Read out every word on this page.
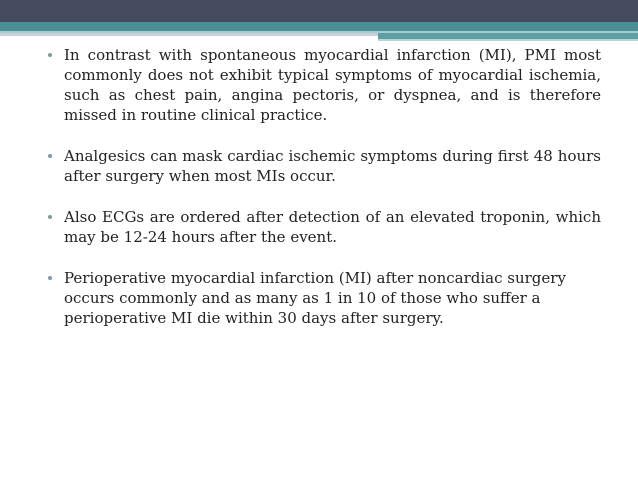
In contrast with spontaneous myocardial infarction (MI), PMI most commonly does not exhibit typical symptoms of myocardial ischemia, such as chest pain, angina pectoris, or dyspnea, and is therefore missed in routine clinical practice.
Analgesics can mask cardiac ischemic symptoms during first 48 hours after surgery when most MIs occur.
Also ECGs are ordered after detection of an elevated troponin, which may be 12-24 hours after the event.
Perioperative myocardial infarction (MI) after noncardiac surgery occurs commonly and as many as 1 in 10 of those who suffer a perioperative MI die within 30 days after surgery.
